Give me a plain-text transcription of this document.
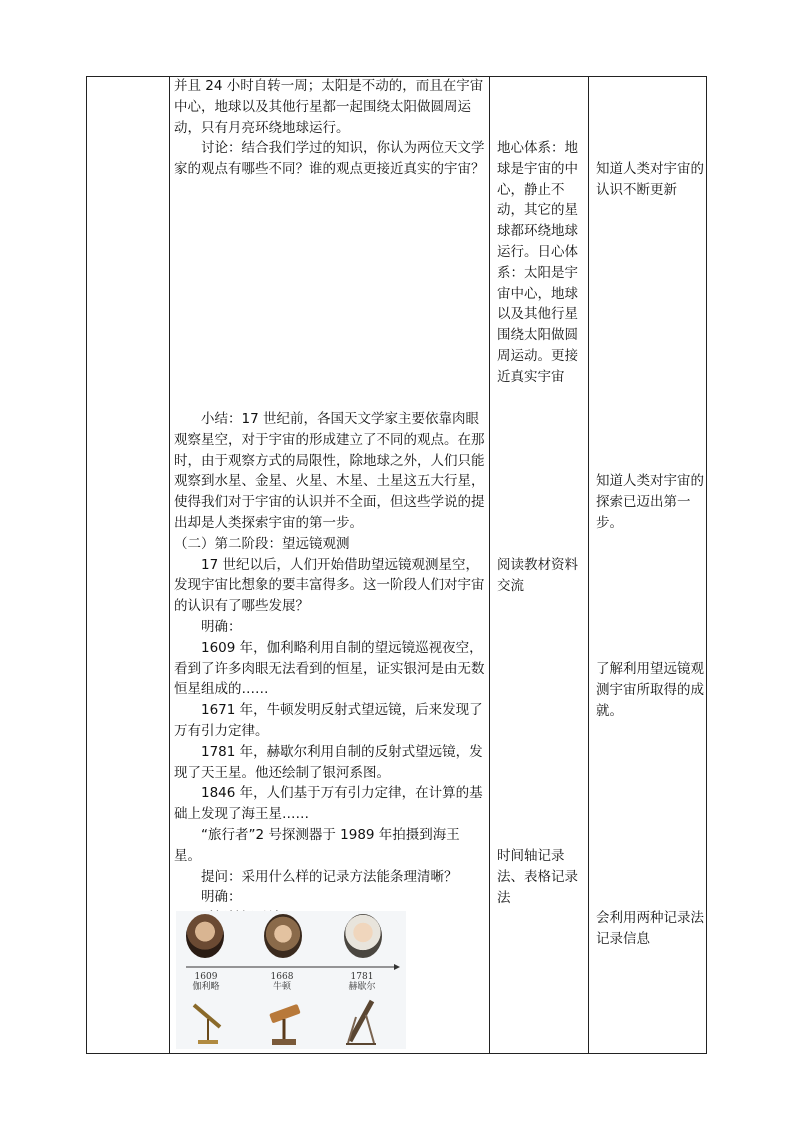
并且 24 小时自转一周；太阳是不动的，而且在宇宙中心，地球以及其他行星都一起围绕太阳做圆周运动，只有月亮环绕地球运行。

讨论：结合我们学过的知识，你认为两位天文学家的观点有哪些不同？谁的观点更接近真实的宇宙？

小结：17 世纪前，各国天文学家主要依靠肉眼观察星空，对于宇宙的形成建立了不同的观点。在那时，由于观察方式的局限性，除地球之外，人们只能观察到水星、金星、火星、木星、土星这五大行星，使得我们对于宇宙的认识并不全面，但这些学说的提出却是人类探索宇宙的第一步。

（二）第二阶段：望远镜观测

17 世纪以后，人们开始借助望远镜观测星空，发现宇宙比想象的要丰富得多。这一阶段人们对宇宙的认识有了哪些发展？

明确：

1609 年，伽利略利用自制的望远镜巡视夜空，看到了许多肉眼无法看到的恒星，证实银河是由无数恒星组成的……

1671 年，牛顿发明反射式望远镜，后来发现了万有引力定律。

1781 年，赫歇尔利用自制的反射式望远镜，发现了天王星。他还绘制了银河系图。

1846 年，人们基于万有引力定律，在计算的基础上发现了海王星……

“旅行者”2 号探测器于 1989 年拍摄到海王星。

提问：采用什么样的记录方法能条理清晰？

明确：

1609
伽利略
1668
牛顿
1781
赫歇尔
地心体系：地球是宇宙的中心，静止不动，其它的星球都环绕地球运行。日心体系：太阳是宇宙中心，地球以及其他行星围绕太阳做圆周运动。更接近真实宇宙
阅读教材资料交流
时间轴记录法、表格记录法
知道人类对宇宙的认识不断更新
知道人类对宇宙的探索已迈出第一步。
了解利用望远镜观测宇宙所取得的成就。
会利用两种记录法记录信息
